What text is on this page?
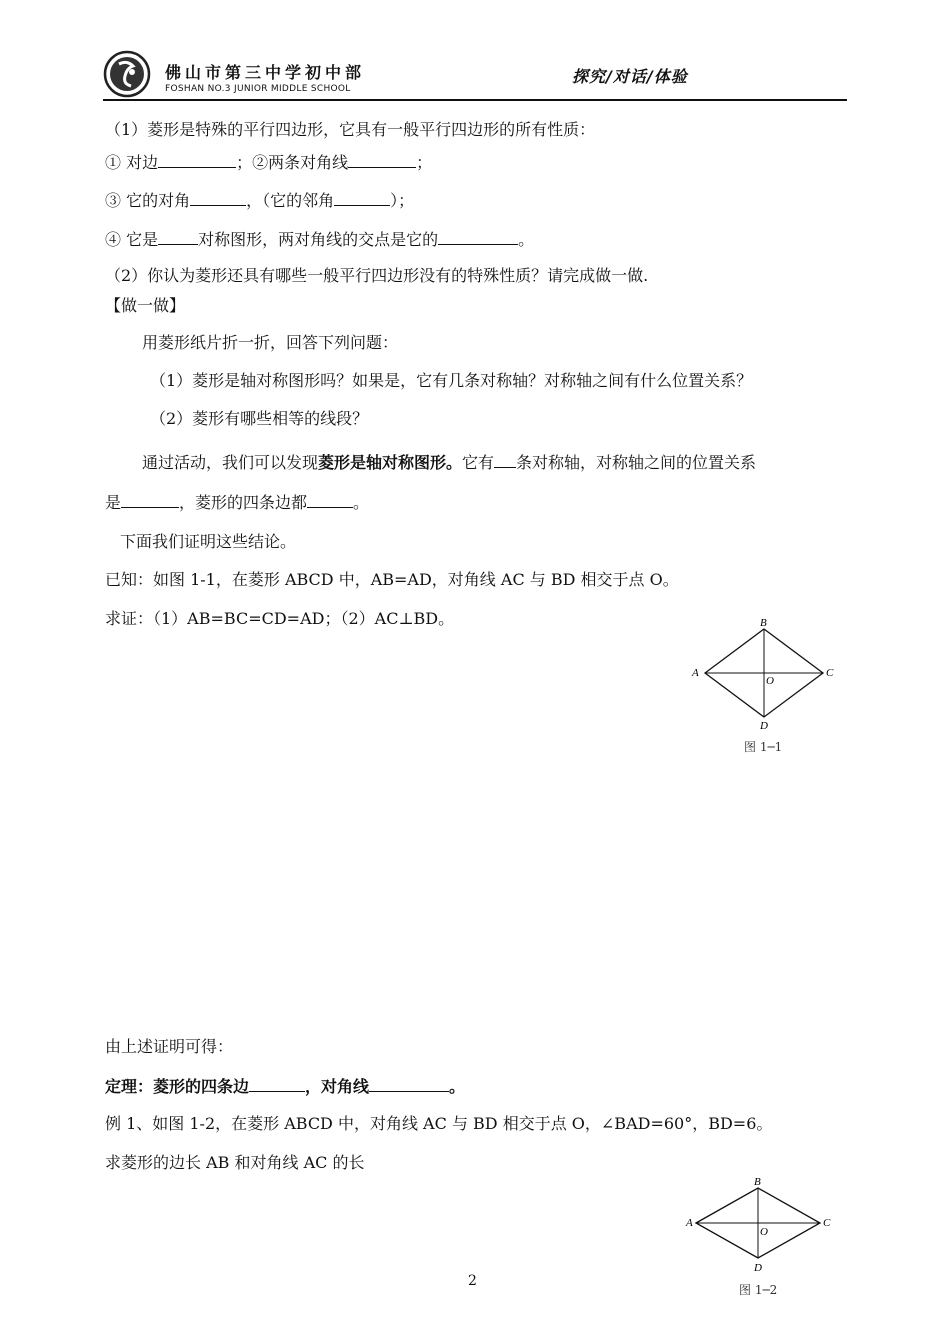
佛山市第三中学初中部
FOSHAN NO.3 JUNIOR MIDDLE SCHOOL
探究/对话/体验
（1）菱形是特殊的平行四边形，它具有一般平行四边形的所有性质：
① 对边	；②两条对角线	；
③ 它的对角	，（它的邻角	）；
④ 它是	对称图形，两对角线的交点是它的	。
（2）你认为菱形还具有哪些一般平行四边形没有的特殊性质？请完成做一做.
【做一做】
用菱形纸片折一折，回答下列问题：
（1）菱形是轴对称图形吗？如果是，它有几条对称轴？对称轴之间有什么位置关系？
（2）菱形有哪些相等的线段？
通过活动，我们可以发现菱形是轴对称图形。它有 条对称轴，对称轴之间的位置关系
是	，菱形的四条边都	。
下面我们证明这些结论。
已知：如图 1-1，在菱形 ABCD 中，AB=AD，对角线 AC 与 BD 相交于点 O。
求证：（1）AB=BC=CD=AD；（2）AC⊥BD。
A
B
C
D
O
图 1─1
由上述证明可得：
定理：菱形的四条边	，对角线	。
例 1、如图 1-2，在菱形 ABCD 中，对角线 AC 与 BD 相交于点 O，∠BAD=60°，BD=6。
求菱形的边长 AB 和对角线 AC 的长
A
B
C
D
O
图 1─2
2
